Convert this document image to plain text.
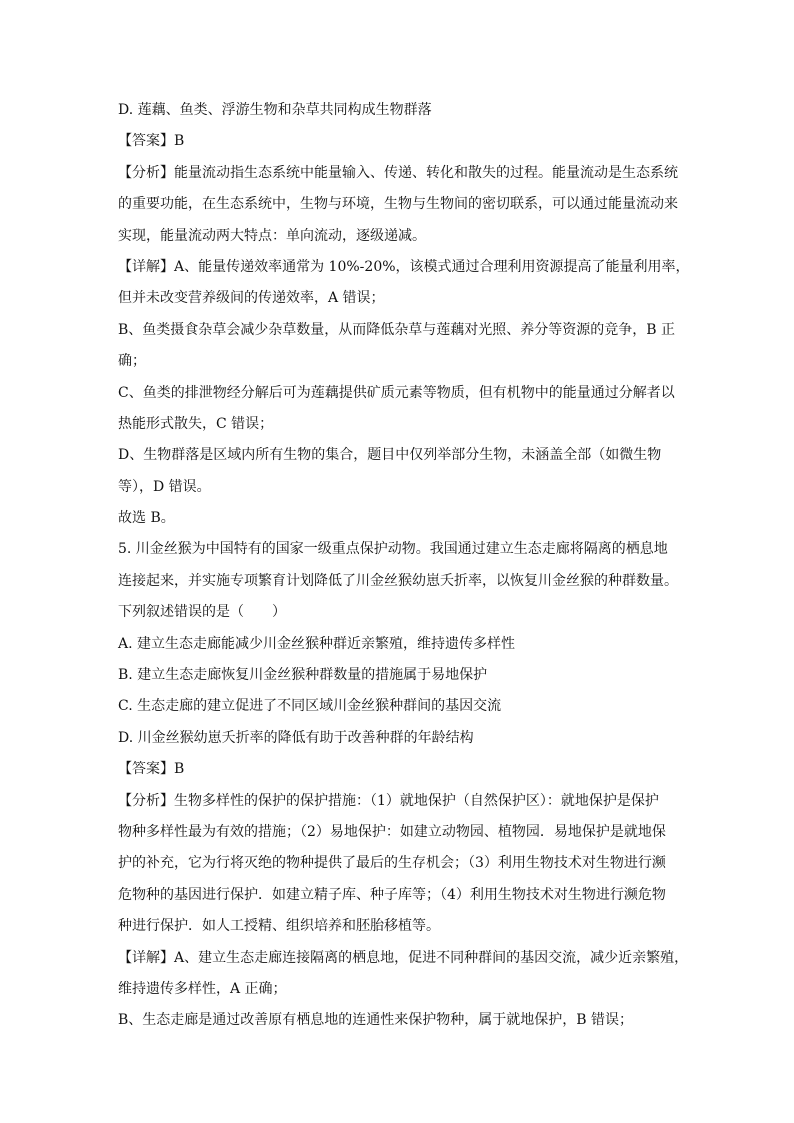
D. 莲藕、鱼类、浮游生物和杂草共同构成生物群落
【答案】B
【分析】能量流动指生态系统中能量输入、传递、转化和散失的过程。能量流动是生态系统
的重要功能，在生态系统中，生物与环境，生物与生物间的密切联系，可以通过能量流动来
实现，能量流动两大特点：单向流动，逐级递减。
【详解】A、能量传递效率通常为 10%-20%，该模式通过合理利用资源提高了能量利用率，
但并未改变营养级间的传递效率，A 错误；
B、鱼类摄食杂草会减少杂草数量，从而降低杂草与莲藕对光照、养分等资源的竞争，B 正
确；
C、鱼类的排泄物经分解后可为莲藕提供矿质元素等物质，但有机物中的能量通过分解者以
热能形式散失，C 错误；
D、生物群落是区域内所有生物的集合，题目中仅列举部分生物，未涵盖全部（如微生物
等），D 错误。
故选 B。
5. 川金丝猴为中国特有的国家一级重点保护动物。我国通过建立生态走廊将隔离的栖息地
连接起来，并实施专项繁育计划降低了川金丝猴幼崽夭折率，以恢复川金丝猴的种群数量。
下列叙述错误的是（　　）
A. 建立生态走廊能减少川金丝猴种群近亲繁殖，维持遗传多样性
B. 建立生态走廊恢复川金丝猴种群数量的措施属于易地保护
C. 生态走廊的建立促进了不同区域川金丝猴种群间的基因交流
D. 川金丝猴幼崽夭折率的降低有助于改善种群的年龄结构
【答案】B
【分析】生物多样性的保护的保护措施：（1）就地保护（自然保护区）：就地保护是保护
物种多样性最为有效的措施；（2）易地保护：如建立动物园、植物园．易地保护是就地保
护的补充，它为行将灭绝的物种提供了最后的生存机会；（3）利用生物技术对生物进行濒
危物种的基因进行保护．如建立精子库、种子库等；（4）利用生物技术对生物进行濒危物
种进行保护．如人工授精、组织培养和胚胎移植等。
【详解】A、建立生态走廊连接隔离的栖息地，促进不同种群间的基因交流，减少近亲繁殖，
维持遗传多样性，A 正确；
B、生态走廊是通过改善原有栖息地的连通性来保护物种，属于就地保护，B 错误；
